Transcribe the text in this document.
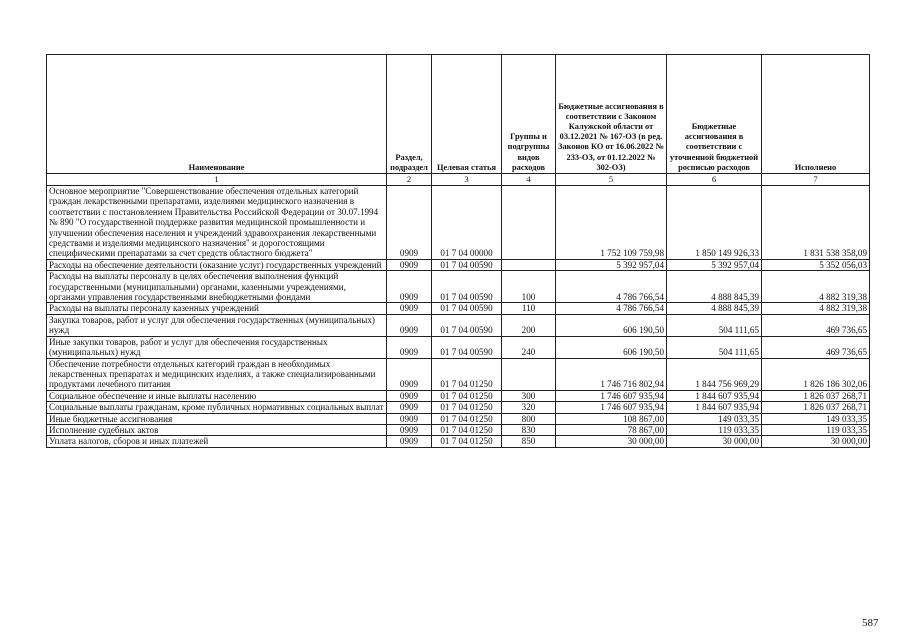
Наименование	Раздел, подраздел	Целевая статья	Группы и подгруппы видов расходов	Бюджетные ассигнования в соответствии с Законом Калужской области от 03.12.2021 № 167-ОЗ (в ред. Законов КО от 16.06.2022 № 233-ОЗ, от 01.12.2022 № 302-ОЗ)	Бюджетные ассигнования в соответствии с уточненной бюджетной росписью расходов	Исполнено
1	2	3	4	5	6	7
Основное мероприятие "Совершенствование обеспечения отдельных категорий граждан лекарственными препаратами, изделиями медицинского назначения в соответствии с постановлением Правительства Российской Федерации от 30.07.1994 № 890 "О государственной поддержке развития медицинской промышленности и улучшении обеспечения населения и учреждений здравоохранения лекарственными средствами и изделиями медицинского назначения" и дорогостоящими специфическими препаратами за счет средств областного бюджета"	0909	01 7 04 00000		1 752 109 759,98	1 850 149 926,33	1 831 538 358,09
Расходы на обеспечение деятельности (оказание услуг) государственных учреждений	0909	01 7 04 00590		5 392 957,04	5 392 957,04	5 352 056,03
Расходы на выплаты персоналу в целях обеспечения выполнения функций государственными (муниципальными) органами, казенными учреждениями, органами управления государственными внебюджетными фондами	0909	01 7 04 00590	100	4 786 766,54	4 888 845,39	4 882 319,38
Расходы на выплаты персоналу казенных учреждений	0909	01 7 04 00590	110	4 786 766,54	4 888 845,39	4 882 319,38
Закупка товаров, работ и услуг для обеспечения государственных (муниципальных) нужд	0909	01 7 04 00590	200	606 190,50	504 111,65	469 736,65
Иные закупки товаров, работ и услуг для обеспечения государственных (муниципальных) нужд	0909	01 7 04 00590	240	606 190,50	504 111,65	469 736,65
Обеспечение потребности отдельных категорий граждан в необходимых лекарственных препаратах и медицинских изделиях, а также специализированными продуктами лечебного питания	0909	01 7 04 01250		1 746 716 802,94	1 844 756 969,29	1 826 186 302,06
Социальное обеспечение и иные выплаты населению	0909	01 7 04 01250	300	1 746 607 935,94	1 844 607 935,94	1 826 037 268,71
Социальные выплаты гражданам, кроме публичных нормативных социальных выплат	0909	01 7 04 01250	320	1 746 607 935,94	1 844 607 935,94	1 826 037 268,71
Иные бюджетные ассигнования	0909	01 7 04 01250	800	108 867,00	149 033,35	149 033,35
Исполнение судебных актов	0909	01 7 04 01250	830	78 867,00	119 033,35	119 033,35
Уплата налогов, сборов и иных платежей	0909	01 7 04 01250	850	30 000,00	30 000,00	30 000,00
587
